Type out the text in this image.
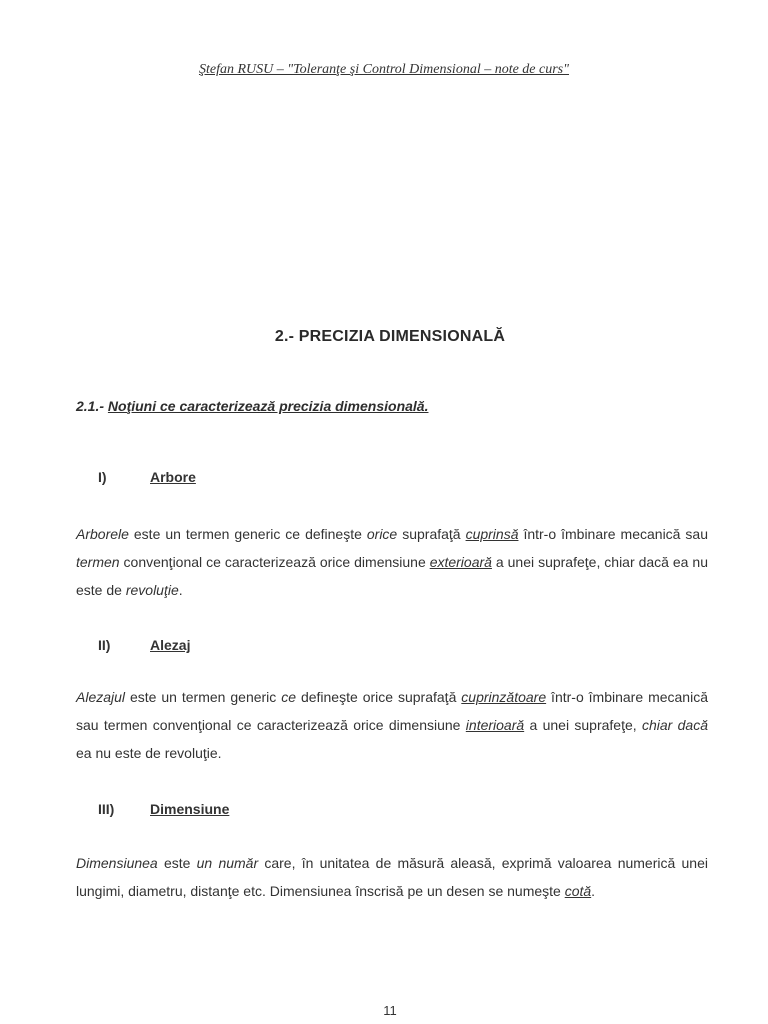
Ştefan RUSU – "Toleranţe şi Control Dimensional – note de curs"
2.- PRECIZIA DIMENSIONALĂ
2.1.- Noţiuni ce caracterizează precizia dimensională.
I)	Arbore
Arborele este un termen generic ce defineşte orice suprafaţă cuprinsă într-o îmbinare mecanică sau termen convenţional ce caracterizează orice dimensiune exterioară a unei suprafeţe, chiar dacă ea nu este de revoluţie.
II)	Alezaj
Alezajul este un termen generic ce defineşte orice suprafaţă cuprinzătoare într-o îmbinare mecanică sau termen convenţional ce caracterizează orice dimensiune interioară a unei suprafeţe, chiar dacă ea nu este de revoluţie.
III)	Dimensiune
Dimensiunea este un număr care, în unitatea de măsură aleasă, exprimă valoarea numerică unei lungimi, diametru, distanţe etc. Dimensiunea înscrisă pe un desen se numeşte cotă.
11
